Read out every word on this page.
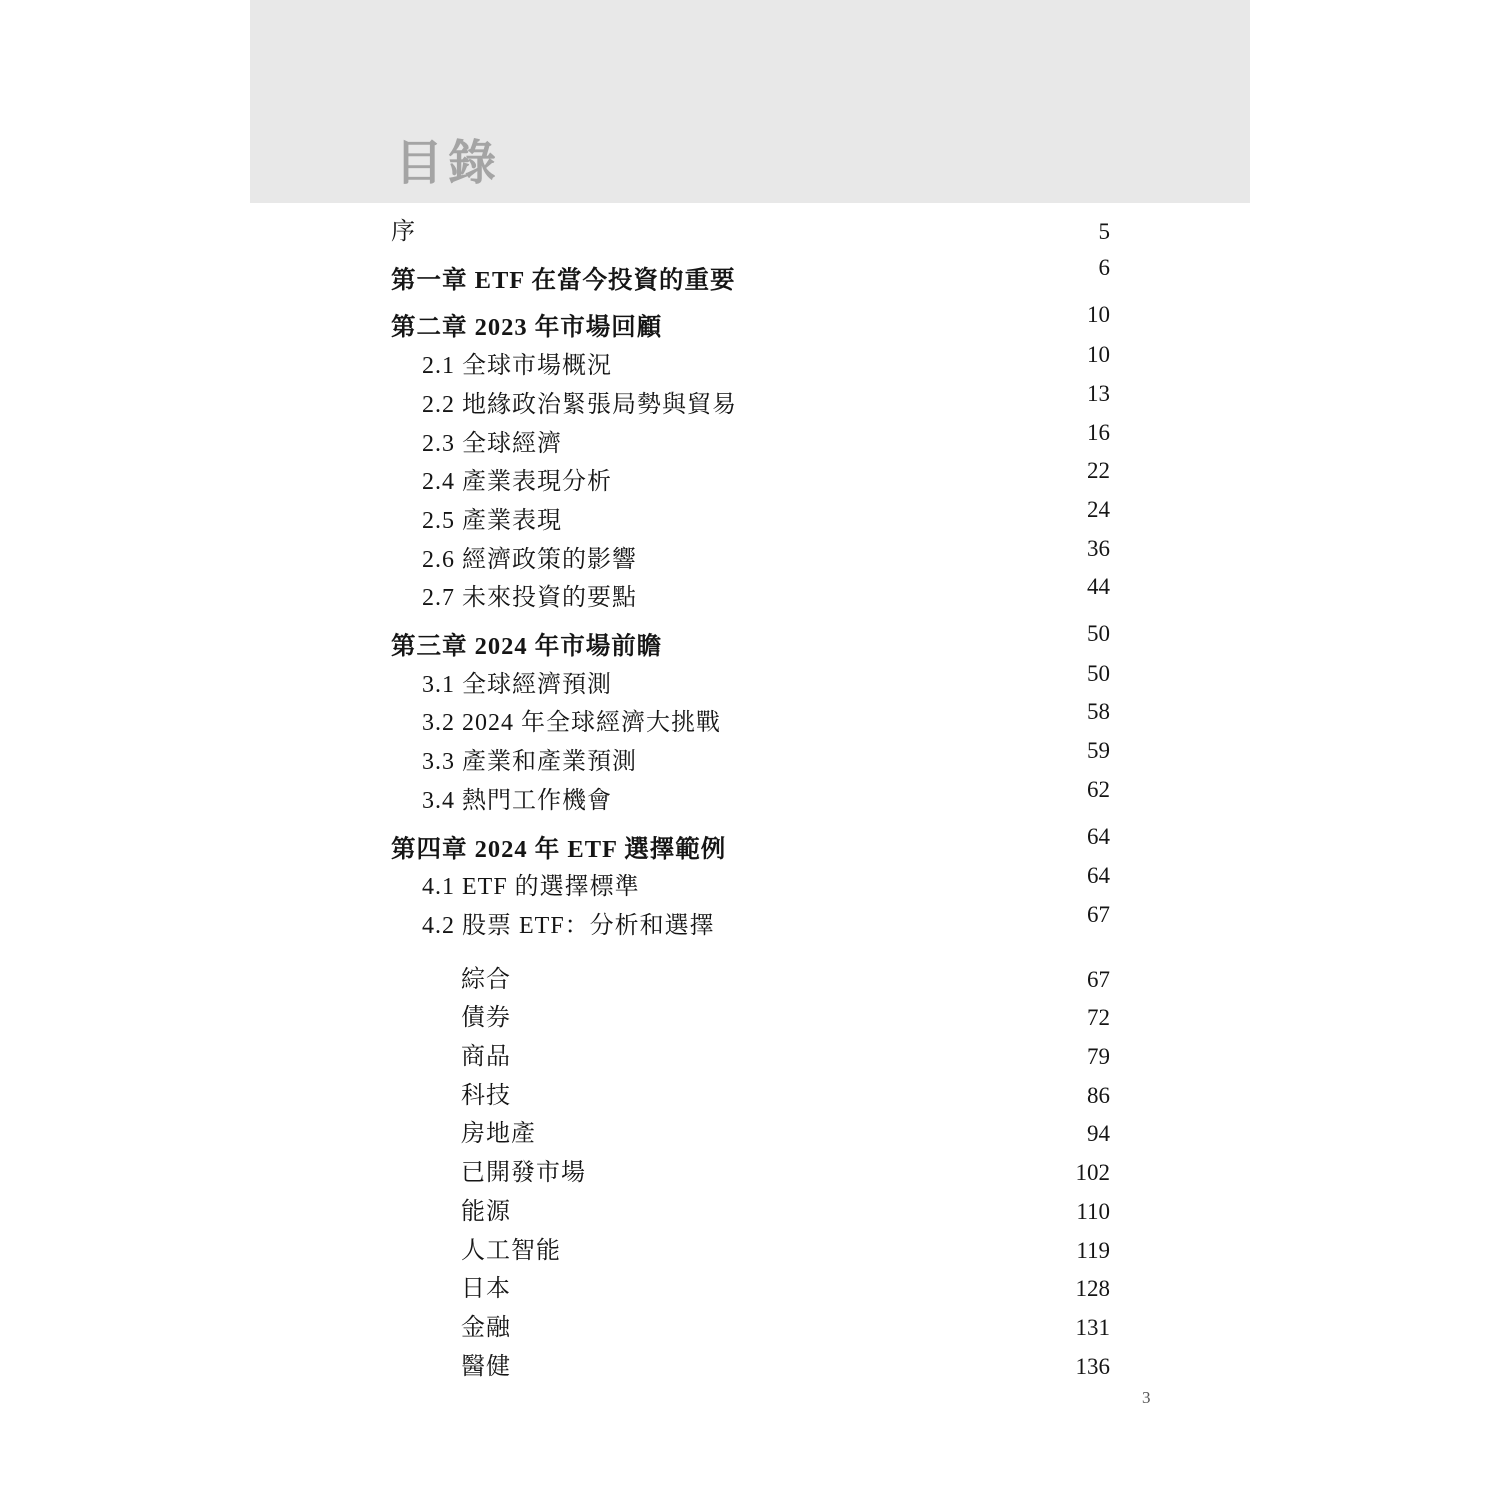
目錄
序	5
第一章 ETF 在當今投資的重要	6
第二章 2023 年市場回顧	10
2.1 全球市場概況	10
2.2 地緣政治緊張局勢與貿易	13
2.3 全球經濟	16
2.4 產業表現分析	22
2.5 產業表現	24
2.6 經濟政策的影響	36
2.7 未來投資的要點	44
第三章 2024 年市場前瞻	50
3.1 全球經濟預測	50
3.2 2024 年全球經濟大挑戰	58
3.3 產業和產業預測	59
3.4 熱門工作機會	62
第四章 2024 年 ETF 選擇範例	64
4.1 ETF 的選擇標準	64
4.2 股票 ETF：分析和選擇	67
綜合	67
債券	72
商品	79
科技	86
房地產	94
已開發市場	102
能源	110
人工智能	119
日本	128
金融	131
醫健	136
3
